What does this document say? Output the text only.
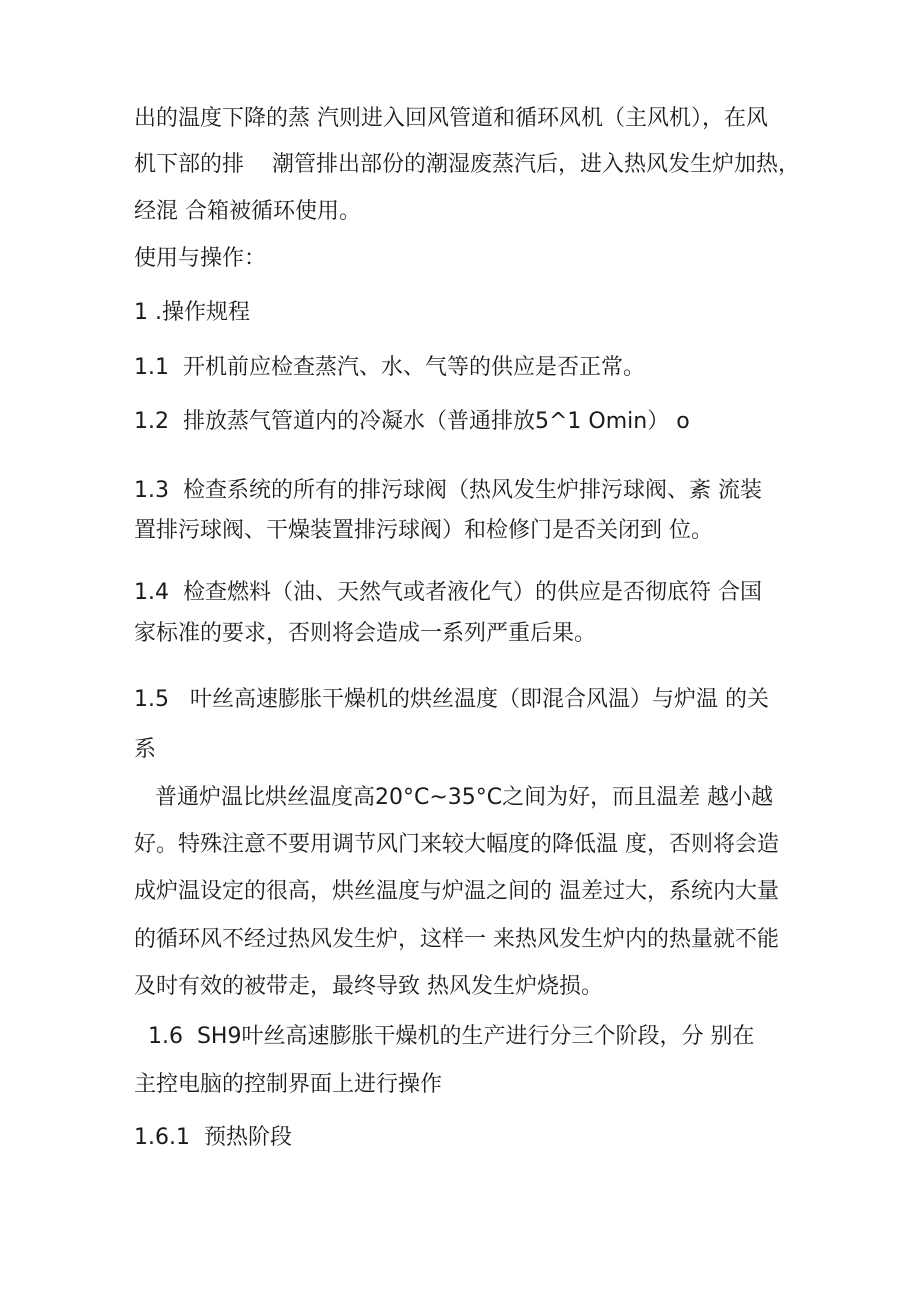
出的温度下降的蒸 汽则进入回风管道和循环风机（主风机），在风
机下部的排    潮管排出部份的潮湿废蒸汽后，进入热风发生炉加热，
经混 合箱被循环使用。
使用与操作：
1 .操作规程
1.1  开机前应检查蒸汽、水、气等的供应是否正常。
1.2  排放蒸气管道内的冷凝水（普通排放5^1 Omin） o
1.3  检查系统的所有的排污球阀（热风发生炉排污球阀、紊 流装
置排污球阀、干燥装置排污球阀）和检修门是否关闭到 位。
1.4  检查燃料（油、天然气或者液化气）的供应是否彻底符 合国
家标准的要求，否则将会造成一系列严重后果。
1.5   叶丝高速膨胀干燥机的烘丝温度（即混合风温）与炉温 的关
系
普通炉温比烘丝温度高20°C~35°C之间为好，而且温差 越小越
好。特殊注意不要用调节风门来较大幅度的降低温 度，否则将会造
成炉温设定的很高，烘丝温度与炉温之间的 温差过大，系统内大量
的循环风不经过热风发生炉，这样一 来热风发生炉内的热量就不能
及时有效的被带走，最终导致 热风发生炉烧损。
1.6  SH9叶丝高速膨胀干燥机的生产进行分三个阶段，分 别在
主控电脑的控制界面上进行操作
1.6.1  预热阶段
